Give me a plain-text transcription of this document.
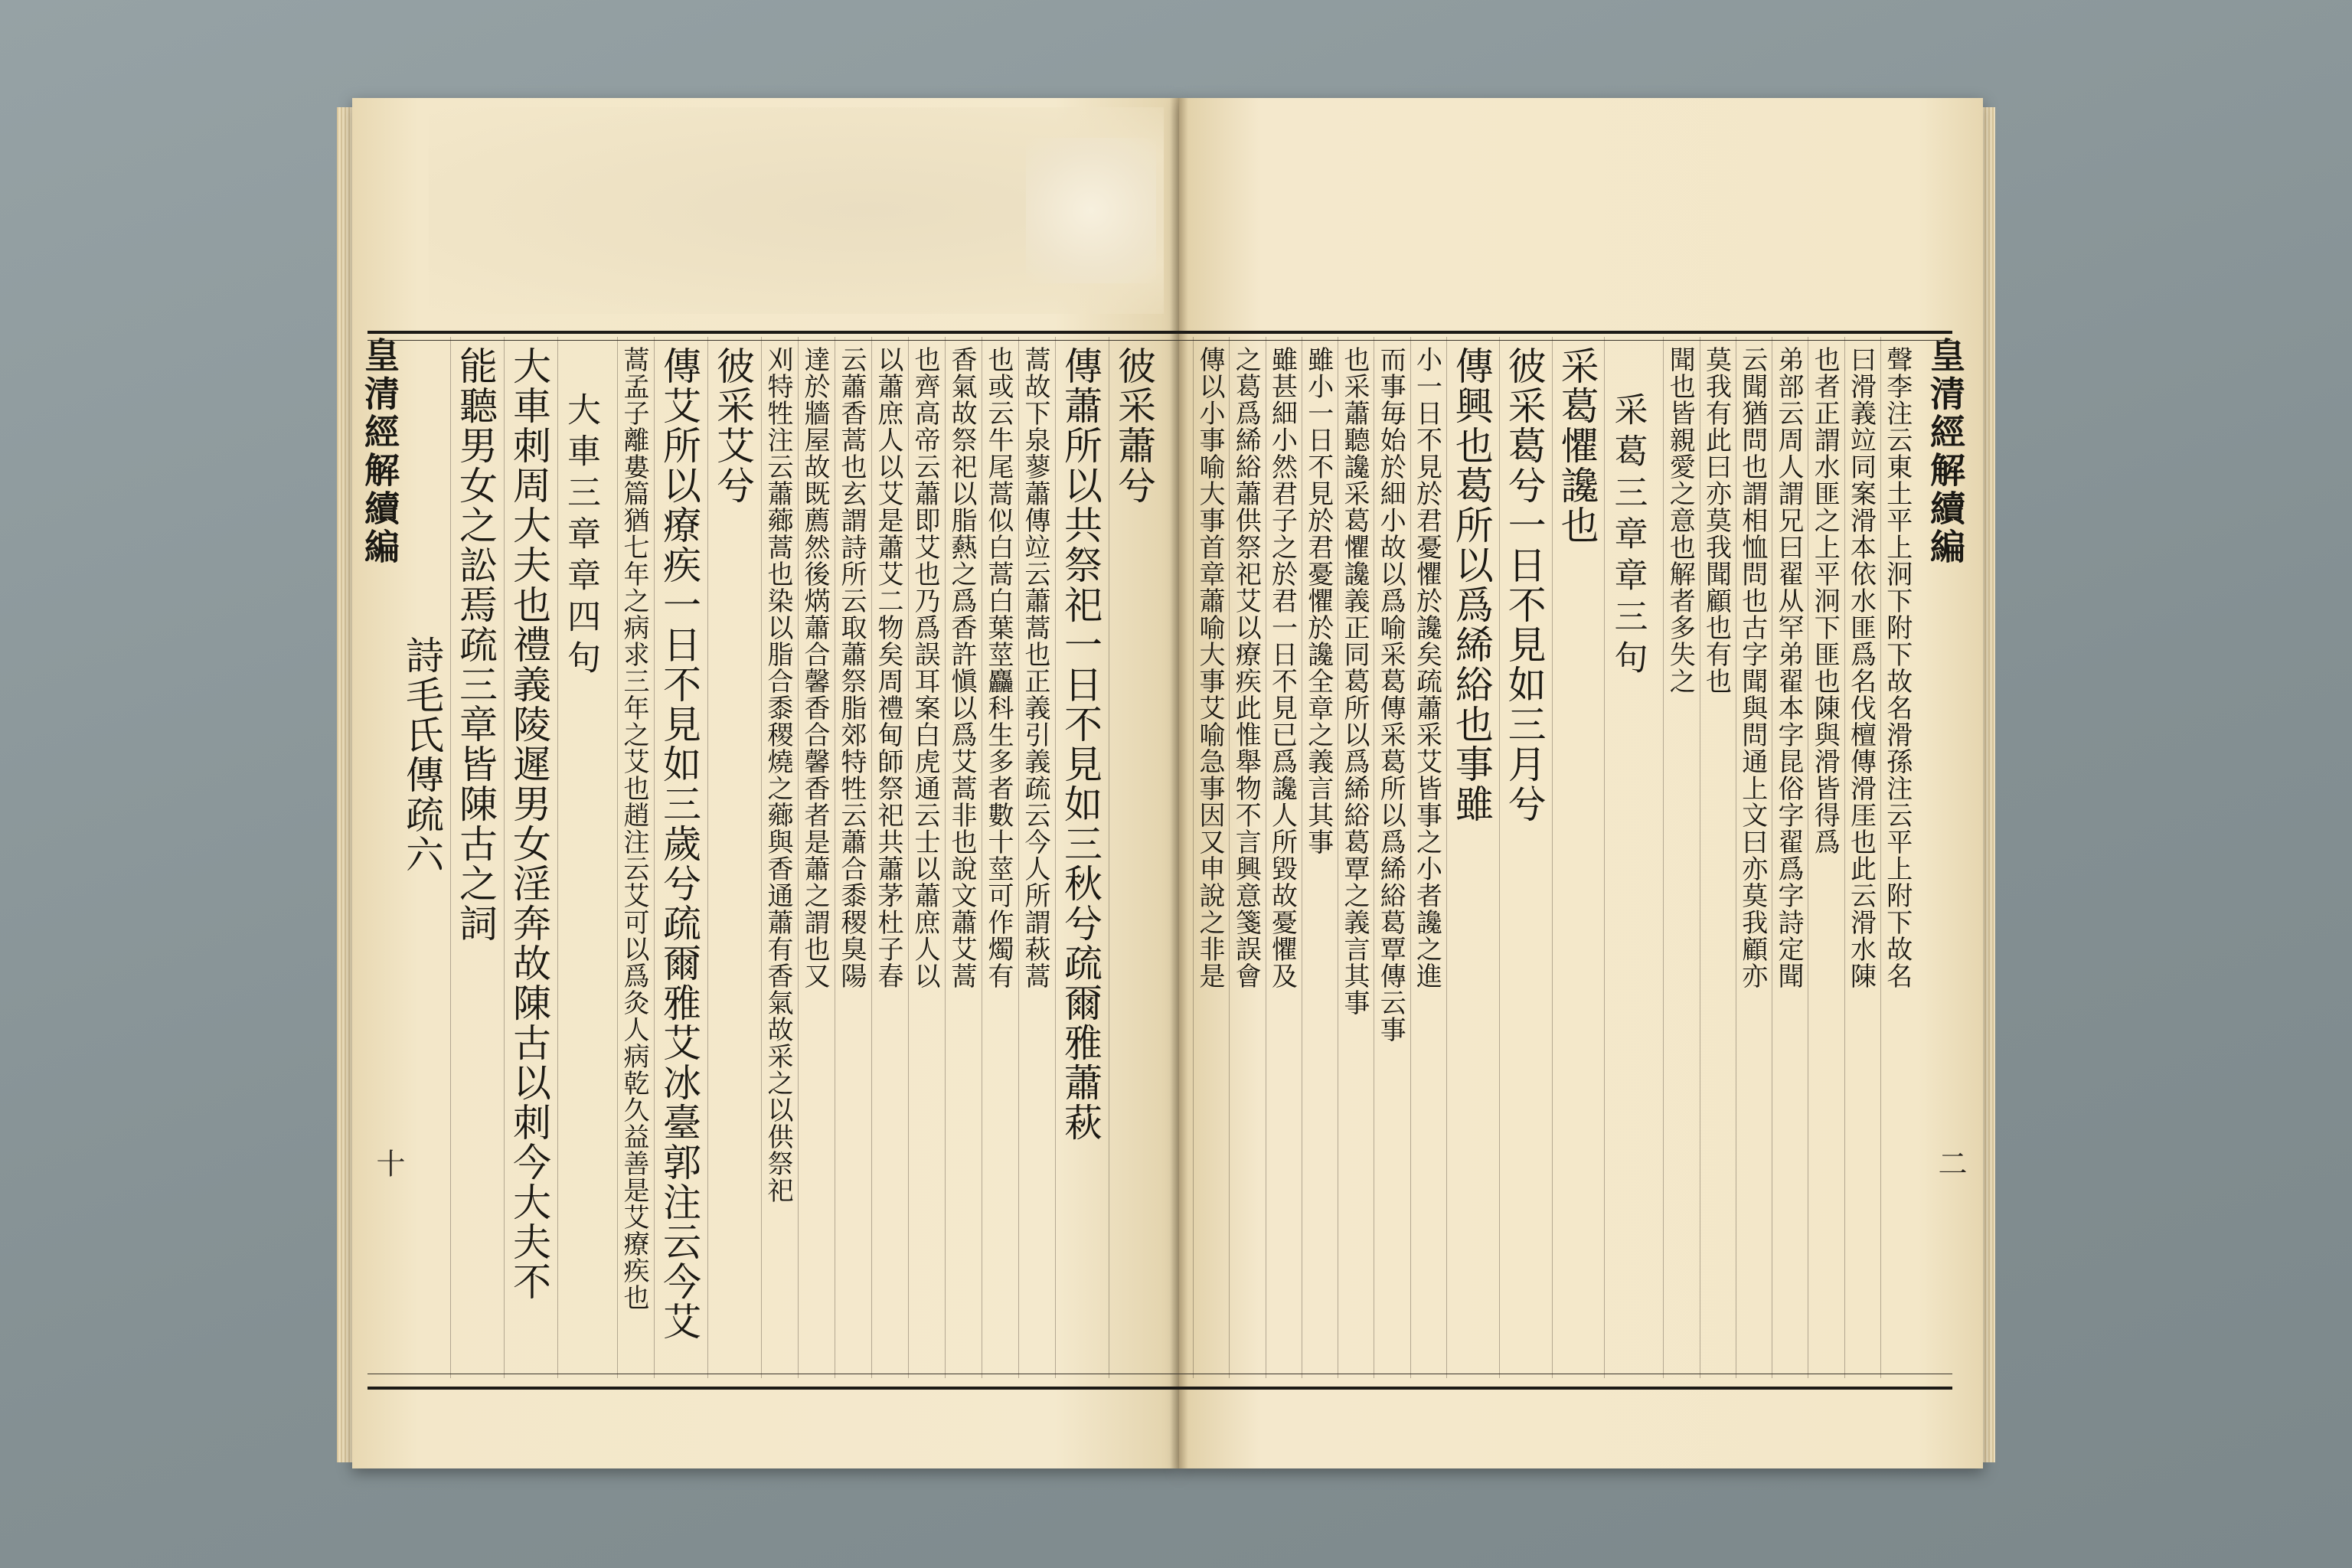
皇清經解續編
詩毛氏傳疏六
十
彼采蕭兮
傳蕭所以共祭祀一日不見如三秋兮疏爾雅蕭萩
蒿故下泉蓼蕭傳竝云蕭蒿也正義引義疏云今人所謂萩蒿
也或云牛尾蒿似白蒿白葉莖麤科生多者數十莖可作燭有
香氣故祭祀以脂爇之爲香許愼以爲艾蒿非也說文蕭艾蒿
也齊高帝云蕭即艾也乃爲誤耳案白虎通云士以蕭庶人以
以蕭庶人以艾是蕭艾二物矣周禮甸師祭祀共蕭茅杜子春
云蕭香蒿也玄謂詩所云取蕭祭脂郊特牲云蕭合黍稷臭陽
達於牆屋故既薦然後焫蕭合馨香合馨香者是蕭之謂也又
刈特牲注云蕭薌蒿也染以脂合黍稷燒之薌與香通蕭有香氣故采之以供祭祀
彼采艾兮
傳艾所以療疾一日不見如三歲兮疏爾雅艾冰臺郭注云今艾
蒿孟子離婁篇猶七年之病求三年之艾也趙注云艾可以爲灸人病乾久益善是艾療疾也
大車三章章四句
大車刺周大夫也禮義陵遲男女淫奔故陳古以刺今大夫不
能聽男女之訟焉疏三章皆陳古之詞	皇清經解續編
二
聲李注云東土平上泂下附下故名滑孫注云平上附下故名
曰滑義竝同案滑本依水匪爲名伐檀傳滑厓也此云滑水陳
也者正謂水匪之上平泂下匪也陳與滑皆得爲
弟部云周人謂兄曰翟从罕弟翟本字昆俗字翟爲字詩定聞
云聞猶問也謂相恤問也古字聞與問通上文曰亦莫我顧亦
莫我有此曰亦莫我聞顧也有也
聞也皆親愛之意也解者多失之
采葛三章章三句
采葛懼讒也
彼采葛兮一日不見如三月兮
傳興也葛所以爲絺綌也事雖
小一日不見於君憂懼於讒矣疏蕭采艾皆事之小者讒之進
而事毎始於細小故以爲喻采葛傳采葛所以爲絺綌葛覃傳云事
也采蕭聽讒采葛懼讒義正同葛所以爲絺綌葛覃之義言其事
雖小一日不見於君憂懼於讒全章之義言其事
雖甚細小然君子之於君一日不見已爲讒人所毀故憂懼及
之葛爲絺綌蕭供祭祀艾以療疾此惟舉物不言興意箋誤會
傳以小事喻大事首章蕭喻大事艾喻急事因又申說之非是
